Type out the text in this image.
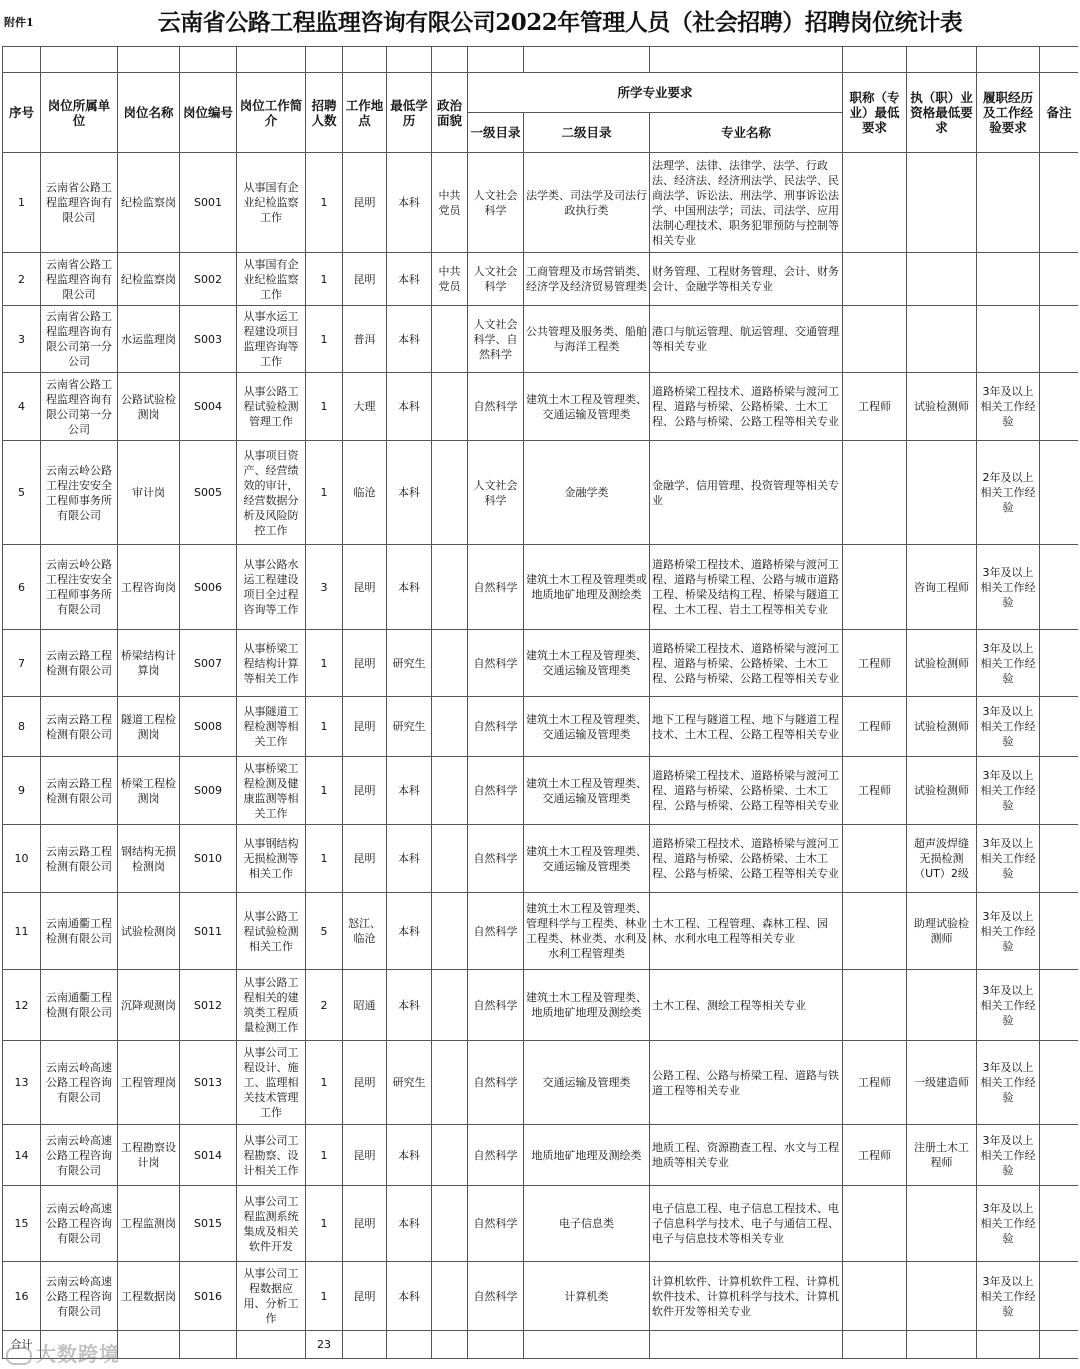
附件1	云南省公路工程监理咨询有限公司2022年管理人员（社会招聘）招聘岗位统计表

序号	岗位所属单位	岗位名称	岗位编号	岗位工作简介	招聘人数	工作地点	最低学历	政治面貌	所学专业要求			职称（专业）最低要求	执（职）业资格最低要求	履职经历及工作经验要求	备注
									一级目录	二级目录	专业名称				
1	云南省公路工程监理咨询有限公司	纪检监察岗	S001	从事国有企业纪检监察工作	1	昆明	本科	中共党员	人文社会科学	法学类、司法学及司法行政执行类	法理学、法律、法律学、法学、行政法、经济法、经济刑法学、民法学、民商法学、诉讼法、刑法学、刑事诉讼法学、中国刑法学；司法、司法学、应用法制心理技术、职务犯罪预防与控制等相关专业				
2	云南省公路工程监理咨询有限公司	纪检监察岗	S002	从事国有企业纪检监察工作	1	昆明	本科	中共党员	人文社会科学	工商管理及市场营销类、经济学及经济贸易管理类	财务管理、工程财务管理、会计、财务会计、金融学等相关专业				
3	云南省公路工程监理咨询有限公司第一分公司	水运监理岗	S003	从事水运工程建设项目监理咨询等工作	1	普洱	本科		人文社会科学、自然科学	公共管理及服务类、船舶与海洋工程类	港口与航运管理、航运管理、交通管理等相关专业				
4	云南省公路工程监理咨询有限公司第一分公司	公路试验检测岗	S004	从事公路工程试验检测管理工作	1	大理	本科		自然科学	建筑土木工程及管理类、交通运输及管理类	道路桥梁工程技术、道路桥梁与渡河工程、道路与桥梁、公路桥梁、土木工程、公路与桥梁、公路工程等相关专业	工程师	试验检测师	3年及以上相关工作经验	
5	云南云岭公路工程注安安全工程师事务所有限公司	审计岗	S005	从事项目资产、经营绩效的审计，经营数据分析及风险防控工作	1	临沧	本科		人文社会科学	金融学类	金融学、信用管理、投资管理等相关专业			2年及以上相关工作经验	
6	云南云岭公路工程注安安全工程师事务所有限公司	工程咨询岗	S006	从事公路水运工程建设项目全过程咨询等工作	3	昆明	本科		自然科学	建筑土木工程及管理类或地质地矿地理及测绘类	道路桥梁工程技术、道路桥梁与渡河工程、道路与桥梁工程、公路与城市道路工程、桥梁及结构工程、桥梁与隧道工程、土木工程、岩土工程等相关专业		咨询工程师	3年及以上相关工作经验	
7	云南云路工程检测有限公司	桥梁结构计算岗	S007	从事桥梁工程结构计算等相关工作	1	昆明	研究生		自然科学	建筑土木工程及管理类、交通运输及管理类	道路桥梁工程技术、道路桥梁与渡河工程、道路与桥梁、公路桥梁、土木工程、公路与桥梁、公路工程等相关专业	工程师	试验检测师	3年及以上相关工作经验	
8	云南云路工程检测有限公司	隧道工程检测岗	S008	从事隧道工程检测等相关工作	1	昆明	研究生		自然科学	建筑土木工程及管理类、交通运输及管理类	地下工程与隧道工程、地下与隧道工程技术、土木工程、公路工程等相关专业	工程师	试验检测师	3年及以上相关工作经验	
9	云南云路工程检测有限公司	桥梁工程检测岗	S009	从事桥梁工程检测及健康监测等相关工作	1	昆明	本科		自然科学	建筑土木工程及管理类、交通运输及管理类	道路桥梁工程技术、道路桥梁与渡河工程、道路与桥梁、公路桥梁、土木工程、公路与桥梁、公路工程等相关专业	工程师	试验检测师	3年及以上相关工作经验	
10	云南云路工程检测有限公司	钢结构无损检测岗	S010	从事钢结构无损检测等相关工作	1	昆明	本科		自然科学	建筑土木工程及管理类、交通运输及管理类	道路桥梁工程技术、道路桥梁与渡河工程、道路与桥梁、公路桥梁、土木工程、公路与桥梁、公路工程等相关专业		超声波焊缝无损检测（UT）2级	3年及以上相关工作经验	
11	云南通衢工程检测有限公司	试验检测岗	S011	从事公路工程试验检测相关工作	5	怒江、临沧	本科		自然科学	建筑土木工程及管理类、管理科学与工程类、林业工程类、林业类、水利及水利工程管理类	土木工程、工程管理、森林工程、园林、水利水电工程等相关专业		助理试验检测师	3年及以上相关工作经验	
12	云南通衢工程检测有限公司	沉降观测岗	S012	从事公路工程相关的建筑类工程质量检测工作	2	昭通	本科		自然科学	建筑土木工程及管理类、地质地矿地理及测绘类	土木工程、测绘工程等相关专业			3年及以上相关工作经验	
13	云南云岭高速公路工程咨询有限公司	工程管理岗	S013	从事公司工程设计、施工、监理相关技术管理工作	1	昆明	研究生		自然科学	交通运输及管理类	公路工程、公路与桥梁工程、道路与铁道工程等相关专业	工程师	一级建造师	3年及以上相关工作经验	
14	云南云岭高速公路工程咨询有限公司	工程勘察设计岗	S014	从事公司工程勘察、设计相关工作	1	昆明	本科		自然科学	地质地矿地理及测绘类	地质工程、资源勘查工程、水文与工程地质等相关专业	工程师	注册土木工程师	3年及以上相关工作经验	
15	云南云岭高速公路工程咨询有限公司	工程监测岗	S015	从事公司工程监测系统集成及相关软件开发	1	昆明	本科		自然科学	电子信息类	电子信息工程、电子信息工程技术、电子信息科学与技术、电子与通信工程、电子与信息技术等相关专业			3年及以上相关工作经验	
16	云南云岭高速公路工程咨询有限公司	工程数据岗	S016	从事公司工程数据应用、分析工作	1	昆明	本科		自然科学	计算机类	计算机软件、计算机软件工程、计算机软件技术、计算机科学与技术、计算机软件开发等相关专业			3年及以上相关工作经验	
合计					23										
大数跨境
